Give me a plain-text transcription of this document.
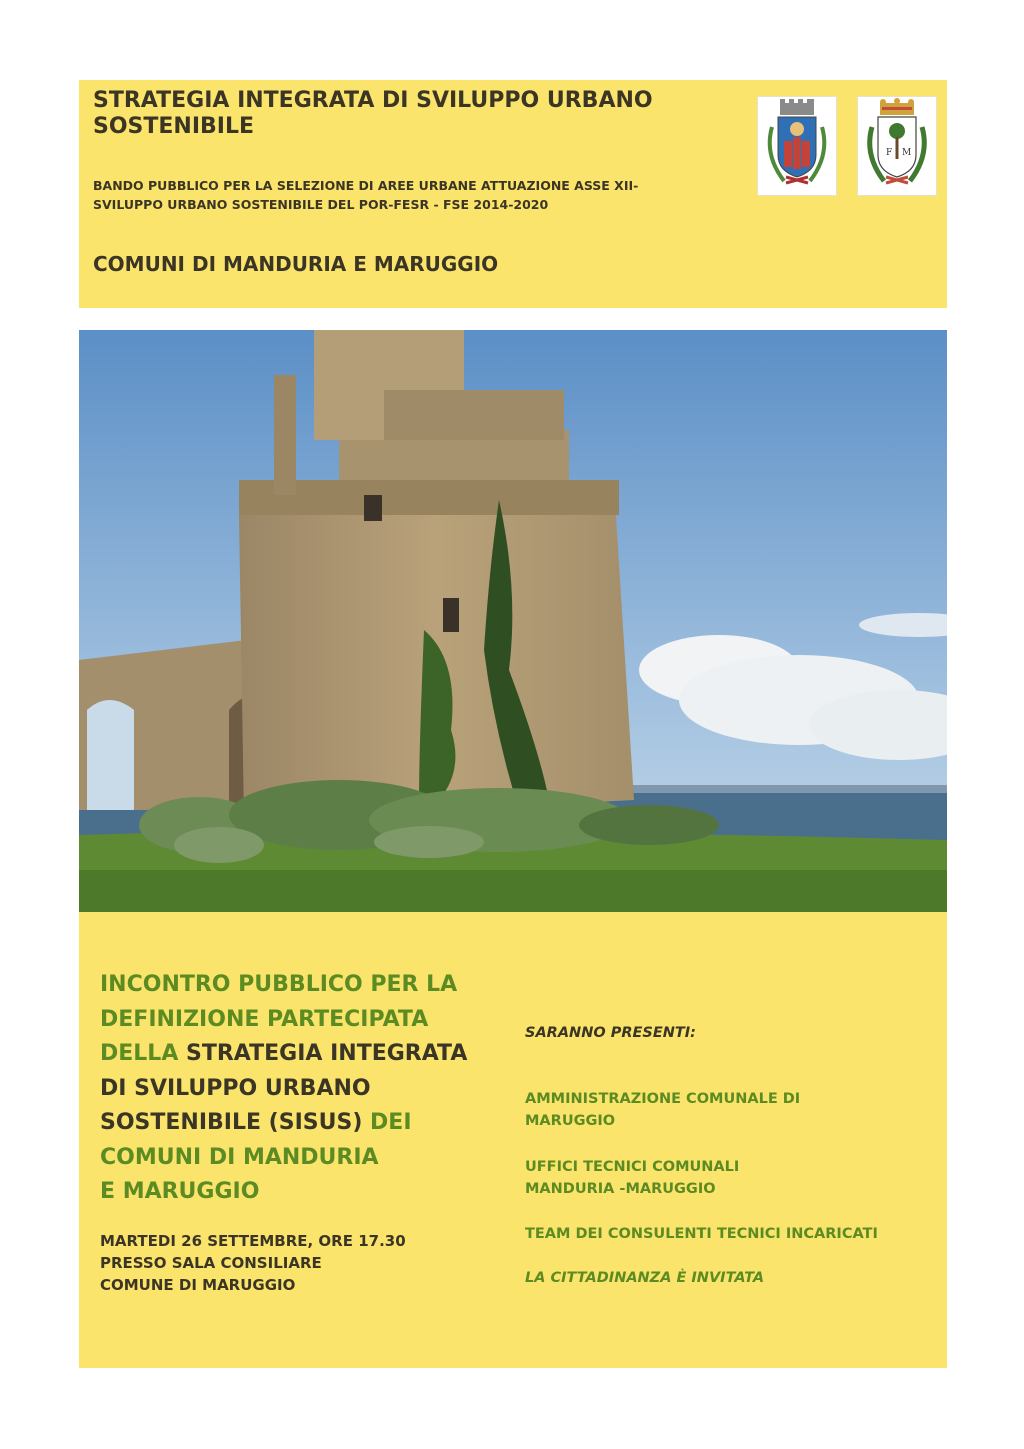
STRATEGIA INTEGRATA DI SVILUPPO URBANO SOSTENIBILE
BANDO PUBBLICO PER LA SELEZIONE DI AREE URBANE ATTUAZIONE ASSE XII-
SVILUPPO URBANO SOSTENIBILE DEL POR-FESR - FSE 2014-2020
COMUNI DI MANDURIA E MARUGGIO
F M
INCONTRO PUBBLICO PER LA
DEFINIZIONE PARTECIPATA
DELLA STRATEGIA INTEGRATA
DI SVILUPPO URBANO
SOSTENIBILE (SISUS) DEI
COMUNI DI MANDURIA
E MARUGGIO
MARTEDI 26 SETTEMBRE, ORE 17.30
PRESSO SALA CONSILIARE
COMUNE DI MARUGGIO
SARANNO PRESENTI:
AMMINISTRAZIONE COMUNALE DI
MARUGGIO
UFFICI TECNICI COMUNALI
MANDURIA -MARUGGIO
TEAM DEI CONSULENTI TECNICI INCARICATI
LA CITTADINANZA È INVITATA
